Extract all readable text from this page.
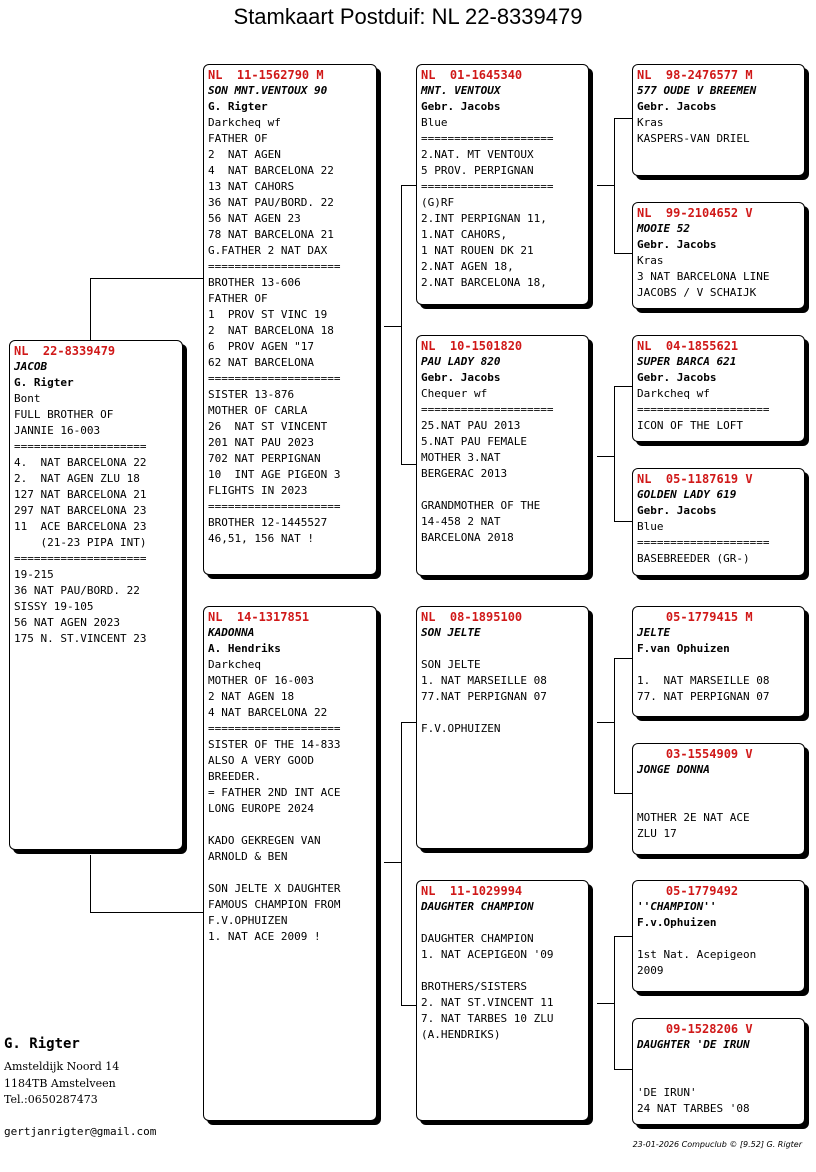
Stamkaart Postduif: NL 22-8339479
NL  22-8339479
JACOB
G. Rigter
Bont
FULL BROTHER OF
JANNIE 16-003
====================
4.  NAT BARCELONA 22
2.  NAT AGEN ZLU 18
127 NAT BARCELONA 21
297 NAT BARCELONA 23
11  ACE BARCELONA 23
(21-23 PIPA INT)
====================
19-215
36 NAT PAU/BORD. 22
SISSY 19-105
56 NAT AGEN 2023
175 N. ST.VINCENT 23
NL  11-1562790 M
SON MNT.VENTOUX 90
G. Rigter
Darkcheq wf
FATHER OF
2  NAT AGEN
4  NAT BARCELONA 22
13 NAT CAHORS
36 NAT PAU/BORD. 22
56 NAT AGEN 23
78 NAT BARCELONA 21
G.FATHER 2 NAT DAX
====================
BROTHER 13-606
FATHER OF
1  PROV ST VINC 19
2  NAT BARCELONA 18
6  PROV AGEN "17
62 NAT BARCELONA
====================
SISTER 13-876
MOTHER OF CARLA
26  NAT ST VINCENT
201 NAT PAU 2023
702 NAT PERPIGNAN
10  INT AGE PIGEON 3
FLIGHTS IN 2023
====================
BROTHER 12-1445527
46,51, 156 NAT !
NL  14-1317851
KADONNA
A. Hendriks
Darkcheq
MOTHER OF 16-003
2 NAT AGEN 18
4 NAT BARCELONA 22
====================
SISTER OF THE 14-833
ALSO A VERY GOOD
BREEDER.
= FATHER 2ND INT ACE
LONG EUROPE 2024
KADO GEKREGEN VAN
ARNOLD & BEN
SON JELTE X DAUGHTER
FAMOUS CHAMPION FROM
F.V.OPHUIZEN
1. NAT ACE 2009 !
NL  01-1645340
MNT. VENTOUX
Gebr. Jacobs
Blue
====================
2.NAT. MT VENTOUX
5 PROV. PERPIGNAN
====================
(G)RF
2.INT PERPIGNAN 11,
1.NAT CAHORS,
1 NAT ROUEN DK 21
2.NAT AGEN 18,
2.NAT BARCELONA 18,
NL  10-1501820
PAU LADY 820
Gebr. Jacobs
Chequer wf
====================
25.NAT PAU 2013
5.NAT PAU FEMALE
MOTHER 3.NAT
BERGERAC 2013
GRANDMOTHER OF THE
14-458 2 NAT
BARCELONA 2018
NL  08-1895100
SON JELTE
SON JELTE
1. NAT MARSEILLE 08
77.NAT PERPIGNAN 07
F.V.OPHUIZEN
NL  11-1029994
DAUGHTER CHAMPION
DAUGHTER CHAMPION
1. NAT ACEPIGEON '09
BROTHERS/SISTERS
2. NAT ST.VINCENT 11
7. NAT TARBES 10 ZLU
(A.HENDRIKS)
NL  98-2476577 M
577 OUDE V BREEMEN
Gebr. Jacobs
Kras
KASPERS-VAN DRIEL
NL  99-2104652 V
MOOIE 52
Gebr. Jacobs
Kras
3 NAT BARCELONA LINE
JACOBS / V SCHAIJK
NL  04-1855621
SUPER BARCA 621
Gebr. Jacobs
Darkcheq wf
====================
ICON OF THE LOFT
NL  05-1187619 V
GOLDEN LADY 619
Gebr. Jacobs
Blue
====================
BASEBREEDER (GR-)
05-1779415 M
JELTE
F.van Ophuizen
1.  NAT MARSEILLE 08
77. NAT PERPIGNAN 07
03-1554909 V
JONGE DONNA
MOTHER 2E NAT ACE
ZLU 17
05-1779492
''CHAMPION''
F.v.Ophuizen
1st Nat. Acepigeon
2009
09-1528206 V
DAUGHTER 'DE IRUN
'DE IRUN'
24 NAT TARBES '08
G. Rigter
Amsteldijk Noord 14
1184TB Amstelveen
Tel.:0650287473
gertjanrigter@gmail.com
23-01-2026 Compuclub © [9.52] G. Rigter
